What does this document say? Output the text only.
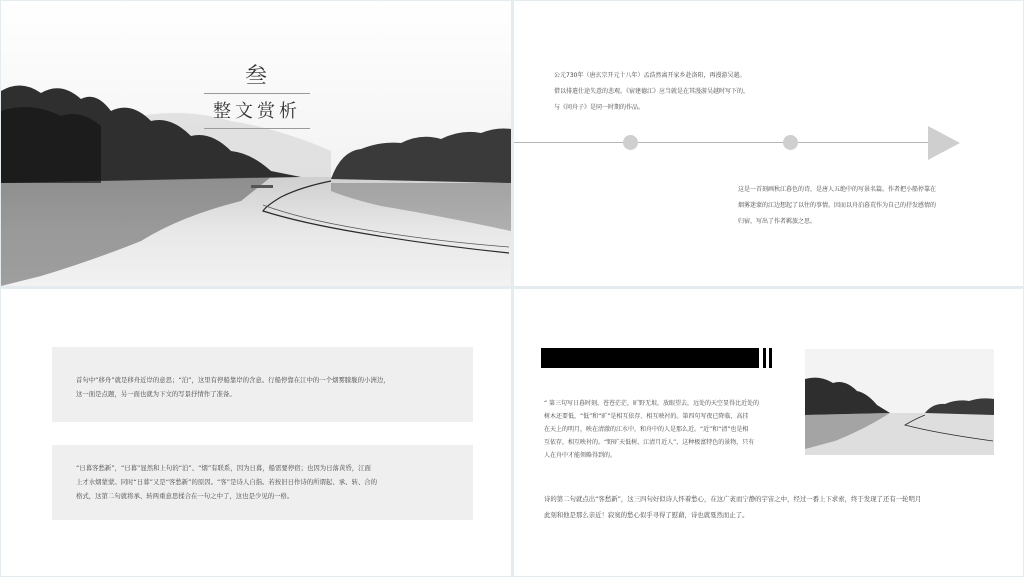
叁
整文赏析
公元730年（唐玄宗开元十八年）孟浩然离开家乡赴洛阳，再漫游吴越。
借以排遣仕途失意的悲观。《宿建德江》应当就是在其漫游吴越时写下的，
与《问舟子》是同一时期的作品。
这是一首刻画秋江暮色的诗，是唐人五绝中的写景名篇。作者把小船停靠在
烟雾迷蒙的江边想起了以往的事情。因而以舟泊暮荒作为自己的抒发感情的
归宿，写出了作者羁旅之思。
首句中“移舟”就是移舟近岸的意思；“泊”，这里有停船靠岸的含意。行船停靠在江中的一个烟雾朦胧的小洲边，
这一面是点题，另一面也就为下文的写景抒情作了准备。
“日暮客愁新”，“日暮”显然和上句的“泊”、“烟”有联系，因为日暮，船需要停宿；也因为日落黄昏，江面
上才水烟蒙蒙。同时“日暮”又是“客愁新”的原因。“客”是诗人自指。若按旧日作诗的所谓起、承、转、合的
格式，这第二句就将承、转两重意思揉合在一句之中了，这也是少见的一格。
“ 第三句写日暮时刻，苍苍茫茫，旷野无垠，放眼望去，远处的天空显得比近处的
树木还要低，“低”和“旷”是相互依存、相互映衬的。第四句写夜已降临，高挂
在天上的明月，映在清澈的江水中，和舟中的人是那么近。“近”和“清”也是相
互依存，相互映衬的。“野旷天低树，江清月近人”，这种极富特色的景物，只有
人在舟中才能领略得到的。
诗的第二句就点出“客愁新”，这三四句好似诗人怀着愁心，在这广袤而宁静的宇宙之中，经过一番上下求索，终于发现了还有一轮明月
此刻和他是那么亲近！寂寞的愁心似乎寻得了慰藉，诗也就戛然而止了。
